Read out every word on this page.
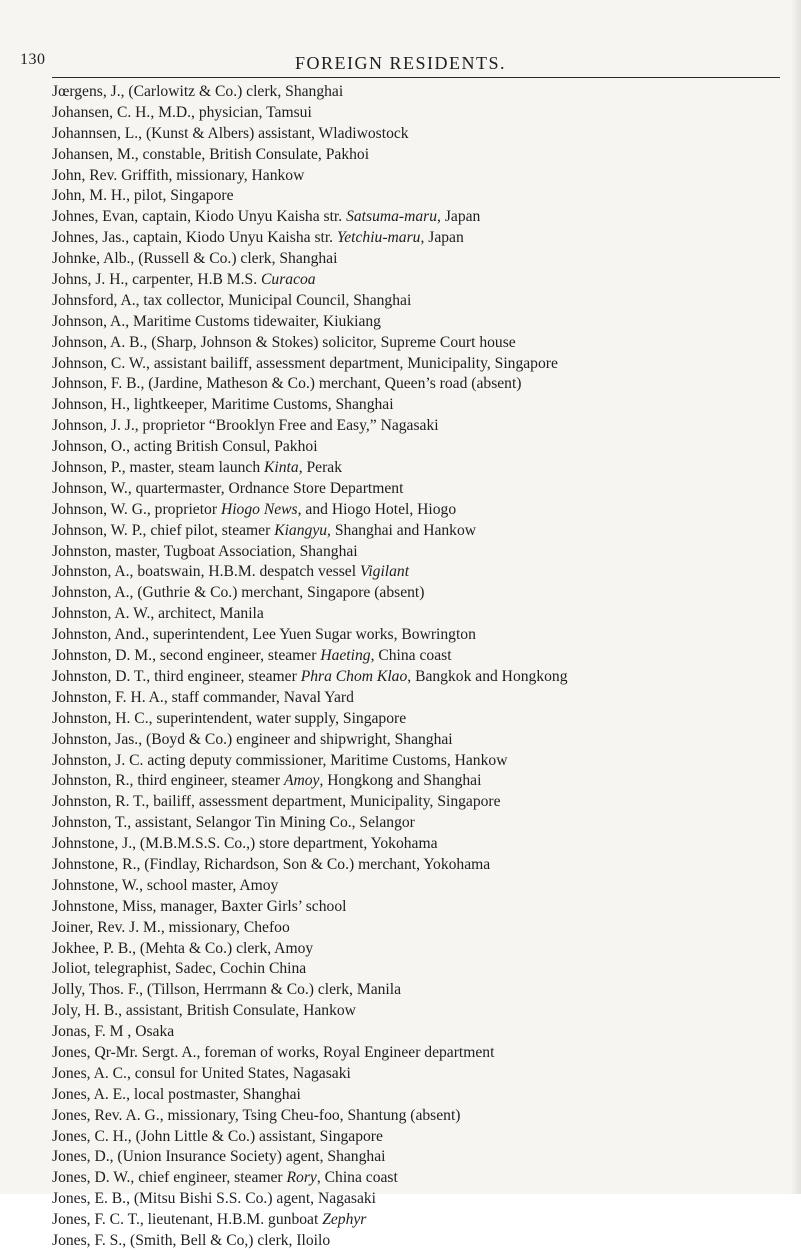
130	FOREIGN RESIDENTS.
Jœrgens, J., (Carlowitz & Co.) clerk, Shanghai
Johansen, C. H., M.D., physician, Tamsui
Johannsen, L., (Kunst & Albers) assistant, Wladiwostock
Johansen, M., constable, British Consulate, Pakhoi
John, Rev. Griffith, missionary, Hankow
John, M. H., pilot, Singapore
Johnes, Evan, captain, Kiodo Unyu Kaisha str. Satsuma-maru, Japan
Johnes, Jas., captain, Kiodo Unyu Kaisha str. Yetchiu-maru, Japan
Johnke, Alb., (Russell & Co.) clerk, Shanghai
Johns, J. H., carpenter, H.B M.S. Curacoa
Johnsford, A., tax collector, Municipal Council, Shanghai
Johnson, A., Maritime Customs tidewaiter, Kiukiang
Johnson, A. B., (Sharp, Johnson & Stokes) solicitor, Supreme Court house
Johnson, C. W., assistant bailiff, assessment department, Municipality, Singapore
Johnson, F. B., (Jardine, Matheson & Co.) merchant, Queen’s road (absent)
Johnson, H., lightkeeper, Maritime Customs, Shanghai
Johnson, J. J., proprietor “Brooklyn Free and Easy,” Nagasaki
Johnson, O., acting British Consul, Pakhoi
Johnson, P., master, steam launch Kinta, Perak
Johnson, W., quartermaster, Ordnance Store Department
Johnson, W. G., proprietor Hiogo News, and Hiogo Hotel, Hiogo
Johnson, W. P., chief pilot, steamer Kiangyu, Shanghai and Hankow
Johnston, master, Tugboat Association, Shanghai
Johnston, A., boatswain, H.B.M. despatch vessel Vigilant
Johnston, A., (Guthrie & Co.) merchant, Singapore (absent)
Johnston, A. W., architect, Manila
Johnston, And., superintendent, Lee Yuen Sugar works, Bowrington
Johnston, D. M., second engineer, steamer Haeting, China coast
Johnston, D. T., third engineer, steamer Phra Chom Klao, Bangkok and Hongkong
Johnston, F. H. A., staff commander, Naval Yard
Johnston, H. C., superintendent, water supply, Singapore
Johnston, Jas., (Boyd & Co.) engineer and shipwright, Shanghai
Johnston, J. C. acting deputy commissioner, Maritime Customs, Hankow
Johnston, R., third engineer, steamer Amoy, Hongkong and Shanghai
Johnston, R. T., bailiff, assessment department, Municipality, Singapore
Johnston, T., assistant, Selangor Tin Mining Co., Selangor
Johnstone, J., (M.B.M.S.S. Co.,) store department, Yokohama
Johnstone, R., (Findlay, Richardson, Son & Co.) merchant, Yokohama
Johnstone, W., school master, Amoy
Johnstone, Miss, manager, Baxter Girls’ school
Joiner, Rev. J. M., missionary, Chefoo
Jokhee, P. B., (Mehta & Co.) clerk, Amoy
Joliot, telegraphist, Sadec, Cochin China
Jolly, Thos. F., (Tillson, Herrmann & Co.) clerk, Manila
Joly, H. B., assistant, British Consulate, Hankow
Jonas, F. M , Osaka
Jones, Qr-Mr. Sergt. A., foreman of works, Royal Engineer department
Jones, A. C., consul for United States, Nagasaki
Jones, A. E., local postmaster, Shanghai
Jones, Rev. A. G., missionary, Tsing Cheu-foo, Shantung (absent)
Jones, C. H., (John Little & Co.) assistant, Singapore
Jones, D., (Union Insurance Society) agent, Shanghai
Jones, D. W., chief engineer, steamer Rory, China coast
Jones, E. B., (Mitsu Bishi S.S. Co.) agent, Nagasaki
Jones, F. C. T., lieutenant, H.B.M. gunboat Zephyr
Jones, F. S., (Smith, Bell & Co,) clerk, Iloilo
